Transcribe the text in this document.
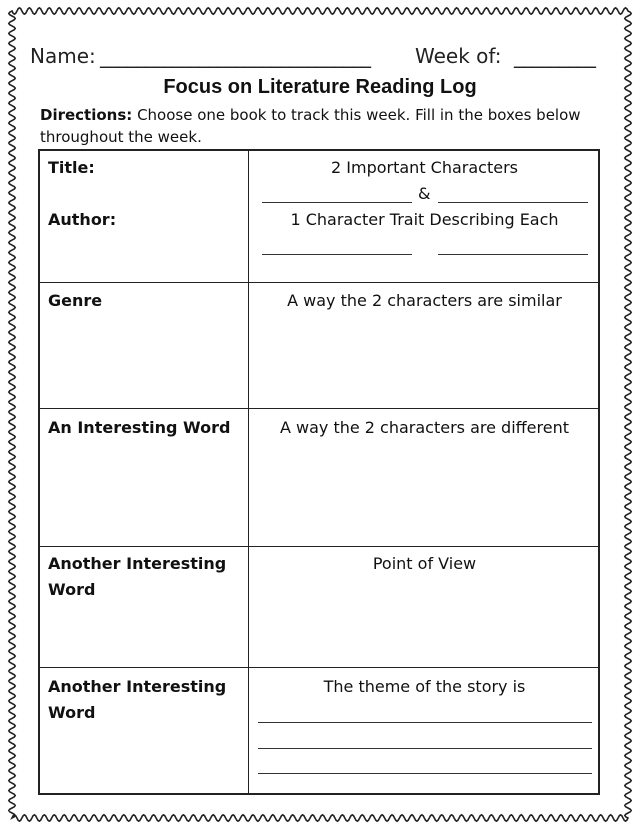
Name: ______________________________ Week of: _________
Focus on Literature Reading Log
Directions: Choose one book to track this week. Fill in the boxes below throughout the week.
Title:
Author:
2 Important Characters
&
1 Character Trait Describing Each
Genre	A way the 2 characters are similar
An Interesting Word	A way the 2 characters are different
Another Interesting Word
Point of View
Another Interesting Word
The theme of the story is
